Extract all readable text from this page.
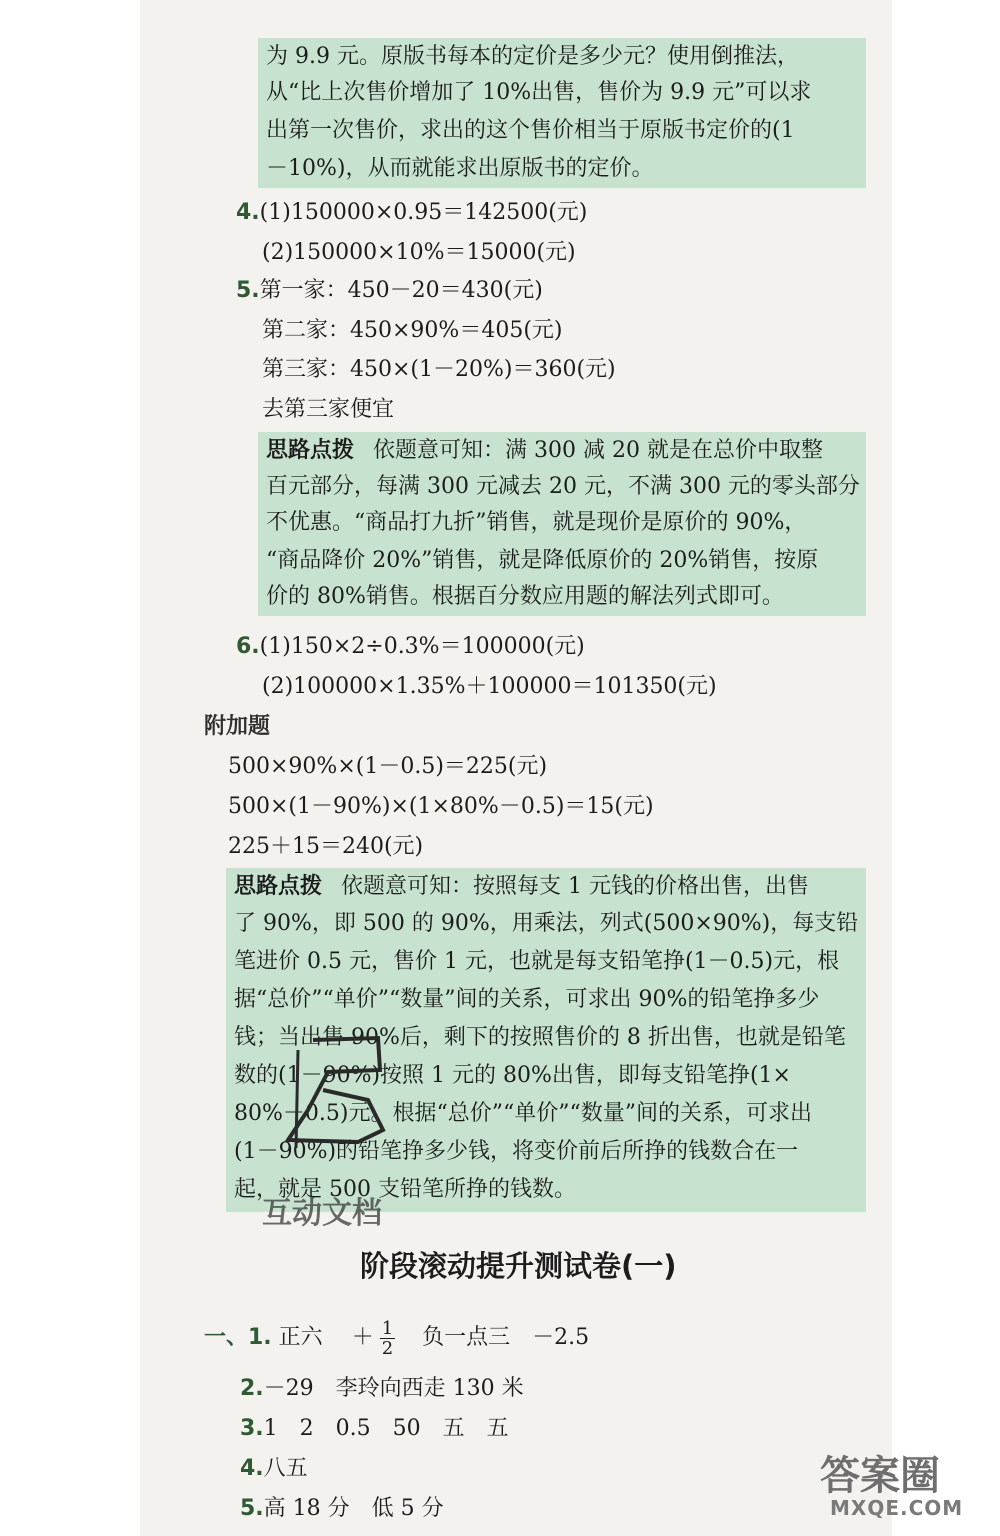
为 9.9 元。原版书每本的定价是多少元？使用倒推法，
从“比上次售价增加了 10%出售，售价为 9.9 元”可以求
出第一次售价，求出的这个售价相当于原版书定价的(1
－10%)，从而就能求出原版书的定价。
4.(1)150000×0.95＝142500(元)
(2)150000×10%＝15000(元)
5.第一家：450－20＝430(元)
第二家：450×90%＝405(元)
第三家：450×(1－20%)＝360(元)
去第三家便宜
思路点拨 依题意可知：满 300 减 20 就是在总价中取整
百元部分，每满 300 元减去 20 元，不满 300 元的零头部分
不优惠。“商品打九折”销售，就是现价是原价的 90%，
“商品降价 20%”销售，就是降低原价的 20%销售，按原
价的 80%销售。根据百分数应用题的解法列式即可。
6.(1)150×2÷0.3%＝100000(元)
(2)100000×1.35%＋100000＝101350(元)
附加题
500×90%×(1－0.5)＝225(元)
500×(1－90%)×(1×80%－0.5)＝15(元)
225＋15＝240(元)
思路点拨 依题意可知：按照每支 1 元钱的价格出售，出售
了 90%，即 500 的 90%，用乘法，列式(500×90%)，每支铅
笔进价 0.5 元，售价 1 元，也就是每支铅笔挣(1－0.5)元，根
据“总价”“单价”“数量”间的关系，可求出 90%的铅笔挣多少
钱；当出售 90%后，剩下的按照售价的 8 折出售，也就是铅笔
数的(1－90%)按照 1 元的 80%出售，即每支铅笔挣(1×
80%－0.5)元。根据“总价”“单价”“数量”间的关系，可求出
(1－90%)的铅笔挣多少钱，将变价前后所挣的钱数合在一
起，就是 500 支铅笔所挣的钱数。
互动文档
阶段滚动提升测试卷(一)
一、1. 正六 ＋ $\frac{1}{2}$ 负一点三　－2.5
2.－29　李玲向西走 130 米
3.1　2　0.5　50　五　五
4.八五
5.高 18 分　低 5 分
答案圈
MXQE.COM
